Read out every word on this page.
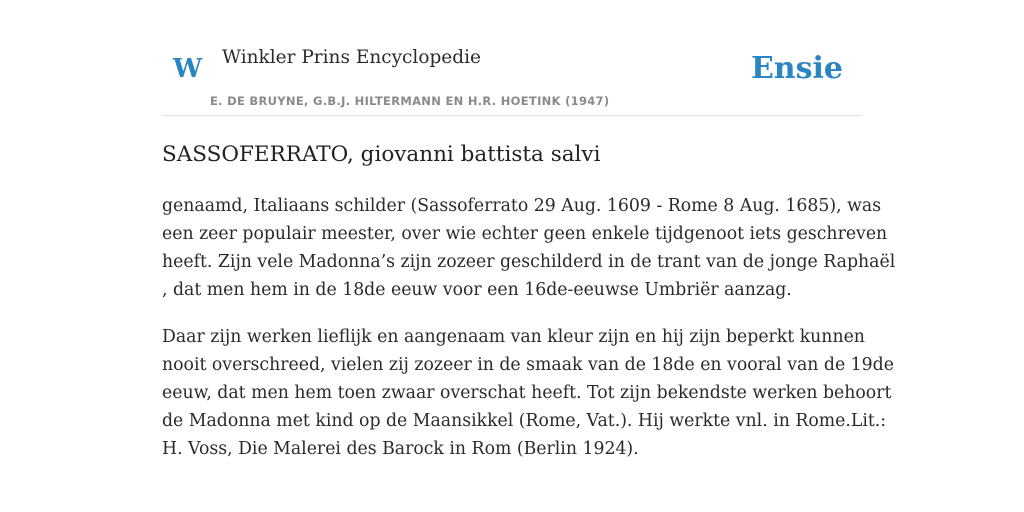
W Winkler Prins Encyclopedie
E. DE BRUYNE, G.B.J. HILTERMANN EN H.R. HOETINK (1947)
Ensie
SASSOFERRATO, giovanni battista salvi

genaamd, Italiaans schilder (Sassoferrato 29 Aug. 1609 - Rome 8 Aug. 1685), was
een zeer populair meester, over wie echter geen enkele tijdgenoot iets geschreven
heeft. Zijn vele Madonna’s zijn zozeer geschilderd in de trant van de jonge Raphaël
, dat men hem in de 18de eeuw voor een 16de-eeuwse Umbriër aanzag.

Daar zijn werken lieflijk en aangenaam van kleur zijn en hij zijn beperkt kunnen
nooit overschreed, vielen zij zozeer in de smaak van de 18de en vooral van de 19de
eeuw, dat men hem toen zwaar overschat heeft. Tot zijn bekendste werken behoort
de Madonna met kind op de Maansikkel (Rome, Vat.). Hij werkte vnl. in Rome.Lit.:
H. Voss, Die Malerei des Barock in Rom (Berlin 1924).
